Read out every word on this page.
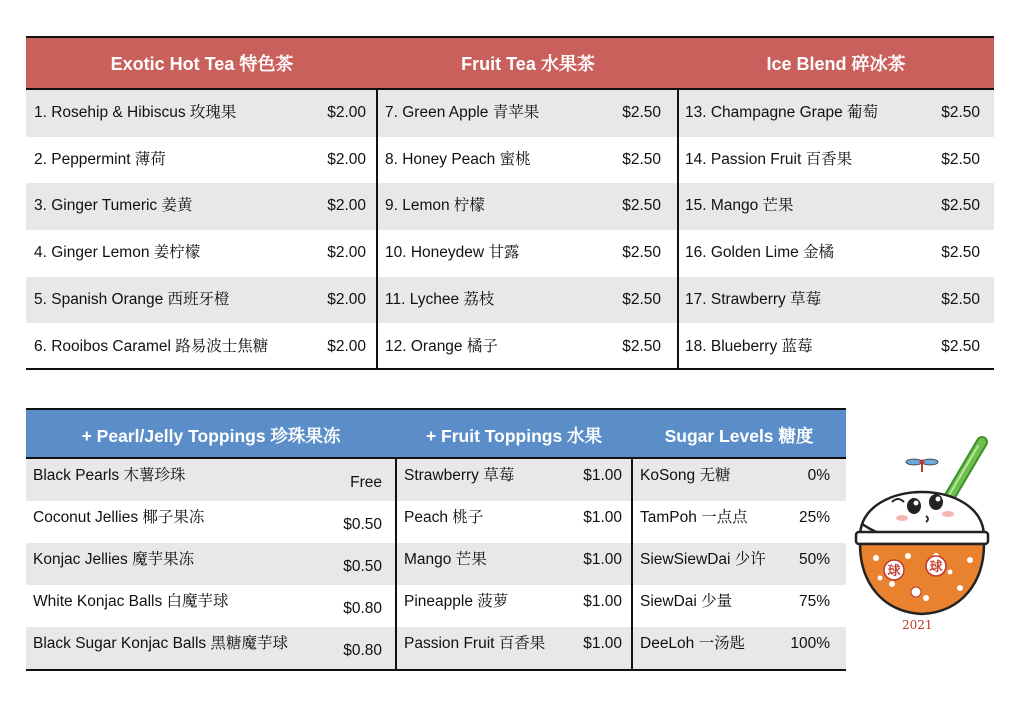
Exotic Hot Tea 特色茶	Fruit Tea 水果茶	Ice Blend 碎冰茶
1. Rosehip & Hibiscus 玫瑰果	$2.00 7. Green Apple 青苹果	$2.50 13. Champagne Grape 葡萄	$2.50
2. Peppermint 薄荷	$2.00 8. Honey Peach 蜜桃	$2.50 14. Passion Fruit 百香果	$2.50
3. Ginger Tumeric 姜黄	$2.00 9. Lemon 柠檬	$2.50 15. Mango 芒果	$2.50
4. Ginger Lemon 姜柠檬	$2.00 10. Honeydew 甘露	$2.50 16. Golden Lime 金橘	$2.50
5. Spanish Orange 西班牙橙	$2.00 11. Lychee 荔枝	$2.50 17. Strawberry 草莓	$2.50
6. Rooibos Caramel 路易波士焦糖	$2.00 12. Orange 橘子	$2.50 18. Blueberry 蓝莓	$2.50
+ Pearl/Jelly Toppings 珍珠果冻	+ Fruit Toppings 水果	Sugar Levels 糖度
Black Pearls 木薯珍珠	Free Strawberry 草莓	$1.00 KoSong 无糖	0%
Coconut Jellies 椰子果冻	$0.50 Peach 桃子	$1.00 TamPoh 一点点	25%
Konjac Jellies 魔芋果冻	$0.50 Mango 芒果	$1.00 SiewSiewDai 少许	50%
White Konjac Balls 白魔芋球	$0.80 Pineapple 菠萝	$1.00 SiewDai 少量	75%
Black Sugar Konjac Balls 黑糖魔芋球	$0.80 Passion Fruit 百香果	$1.00 DeeLoh 一汤匙	100%
球 球
2021
